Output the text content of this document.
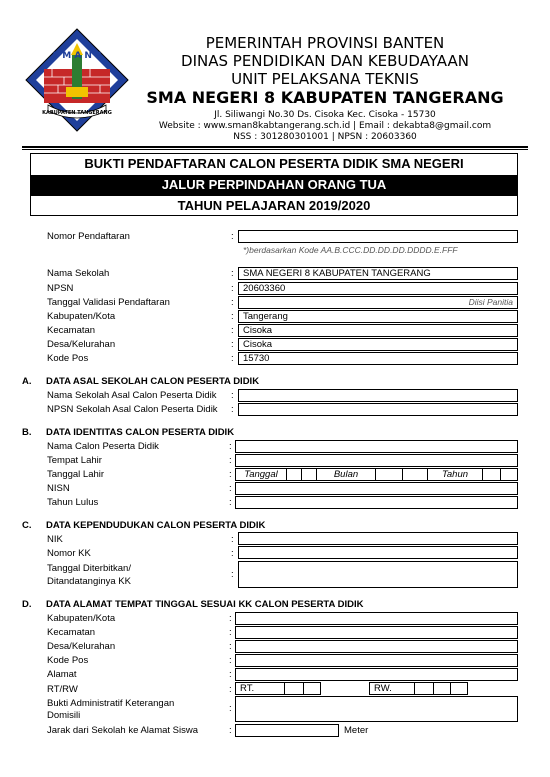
S M A N 8
KABUPATEN TANGERANG
PEMERINTAH PROVINSI BANTEN
DINAS PENDIDIKAN DAN KEBUDAYAAN
UNIT PELAKSANA TEKNIS
SMA NEGERI 8 KABUPATEN TANGERANG
Jl. Siliwangi No.30 Ds. Cisoka Kec. Cisoka - 15730
Website : www.sman8kabtangerang.sch.id | Email : dekabta8@gmail.com
NSS : 301280301001 | NPSN : 20603360
BUKTI PENDAFTARAN CALON PESERTA DIDIK SMA NEGERI
JALUR PERPINDAHAN ORANG TUA
TAHUN PELAJARAN 2019/2020
Nomor Pendaftaran	:
*)berdasarkan Kode AA.B.CCC.DD.DD.DD.DDDD.E.FFF
Nama Sekolah	: SMA NEGERI 8 KABUPATEN TANGERANG
NPSN	: 20603360
Tanggal Validasi Pendaftaran	:	Diisi Panitia
Kabupaten/Kota	: Tangerang
Kecamatan	: Cisoka
Desa/Kelurahan	: Cisoka
Kode Pos	: 15730
A. DATA ASAL SEKOLAH CALON PESERTA DIDIK
Nama Sekolah Asal Calon Peserta Didik :
NPSN Sekolah Asal Calon Peserta Didik :
B. DATA IDENTITAS CALON PESERTA DIDIK
Nama Calon Peserta Didik	:
Tempat Lahir	:
Tanggal Lahir	:	Tanggal	Bulan	Tahun
NISN	:
Tahun Lulus	:
C. DATA KEPENDUDUKAN CALON PESERTA DIDIK
NIK	:
Nomor KK	:
Tanggal Diterbitkan/
Ditandatanginya KK
:
D. DATA ALAMAT TEMPAT TINGGAL SESUAI KK CALON PESERTA DIDIK
Kabupaten/Kota	:
Kecamatan	:
Desa/Kelurahan	:
Kode Pos	:
Alamat	:
RT/RW	: RT.	RW.
Bukti Administratif Keterangan
Domisili
:
Jarak dari Sekolah ke Alamat Siswa	:	Meter
